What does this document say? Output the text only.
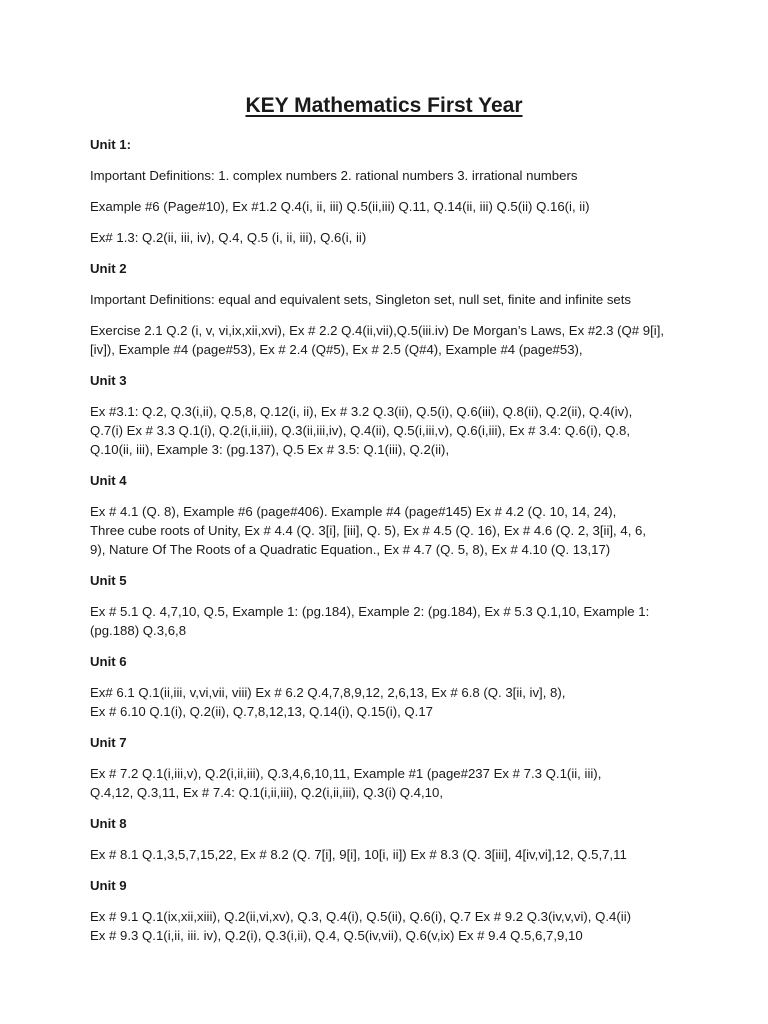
KEY Mathematics First Year
Unit 1:
Important Definitions: 1. complex numbers 2. rational numbers 3. irrational numbers
Example #6 (Page#10), Ex #1.2 Q.4(i, ii, iii) Q.5(ii,iii) Q.11, Q.14(ii, iii) Q.5(ii) Q.16(i, ii)
Ex# 1.3: Q.2(ii, iii, iv), Q.4, Q.5 (i, ii, iii), Q.6(i, ii)
Unit 2
Important Definitions: equal and equivalent sets, Singleton set, null set, finite and infinite sets
Exercise 2.1 Q.2 (i, v, vi,ix,xii,xvi), Ex # 2.2 Q.4(ii,vii),Q.5(iii.iv) De Morgan’s Laws, Ex #2.3 (Q# 9[i],
[iv]), Example #4 (page#53), Ex # 2.4 (Q#5), Ex # 2.5 (Q#4), Example #4 (page#53),
Unit 3
Ex #3.1: Q.2, Q.3(i,ii), Q.5,8, Q.12(i, ii), Ex # 3.2 Q.3(ii), Q.5(i), Q.6(iii), Q.8(ii), Q.2(ii), Q.4(iv),
Q.7(i) Ex # 3.3 Q.1(i), Q.2(i,ii,iii), Q.3(ii,iii,iv), Q.4(ii), Q.5(i,iii,v), Q.6(i,iii), Ex # 3.4: Q.6(i), Q.8,
Q.10(ii, iii), Example 3: (pg.137), Q.5 Ex # 3.5: Q.1(iii), Q.2(ii),
Unit 4
Ex # 4.1 (Q. 8), Example #6 (page#406). Example #4 (page#145) Ex # 4.2 (Q. 10, 14, 24),
Three cube roots of Unity, Ex # 4.4 (Q. 3[i], [iii], Q. 5), Ex # 4.5 (Q. 16), Ex # 4.6 (Q. 2, 3[ii], 4, 6,
9), Nature Of The Roots of a Quadratic Equation., Ex # 4.7 (Q. 5, 8), Ex # 4.10 (Q. 13,17)
Unit 5
Ex # 5.1 Q. 4,7,10, Q.5, Example 1: (pg.184), Example 2: (pg.184), Ex # 5.3 Q.1,10, Example 1:
(pg.188) Q.3,6,8
Unit 6
Ex# 6.1 Q.1(ii,iii, v,vi,vii, viii) Ex # 6.2 Q.4,7,8,9,12, 2,6,13, Ex # 6.8 (Q. 3[ii, iv], 8),
Ex # 6.10 Q.1(i), Q.2(ii), Q.7,8,12,13, Q.14(i), Q.15(i), Q.17
Unit 7
Ex # 7.2 Q.1(i,iii,v), Q.2(i,ii,iii), Q.3,4,6,10,11, Example #1 (page#237 Ex # 7.3 Q.1(ii, iii),
Q.4,12, Q.3,11, Ex # 7.4: Q.1(i,ii,iii), Q.2(i,ii,iii), Q.3(i) Q.4,10,
Unit 8
Ex # 8.1 Q.1,3,5,7,15,22, Ex # 8.2 (Q. 7[i], 9[i], 10[i, ii]) Ex # 8.3 (Q. 3[iii], 4[iv,vi],12, Q.5,7,11
Unit 9
Ex # 9.1 Q.1(ix,xii,xiii), Q.2(ii,vi,xv), Q.3, Q.4(i), Q.5(ii), Q.6(i), Q.7 Ex # 9.2 Q.3(iv,v,vi), Q.4(ii)
Ex # 9.3 Q.1(i,ii, iii. iv), Q.2(i), Q.3(i,ii), Q.4, Q.5(iv,vii), Q.6(v,ix) Ex # 9.4 Q.5,6,7,9,10
